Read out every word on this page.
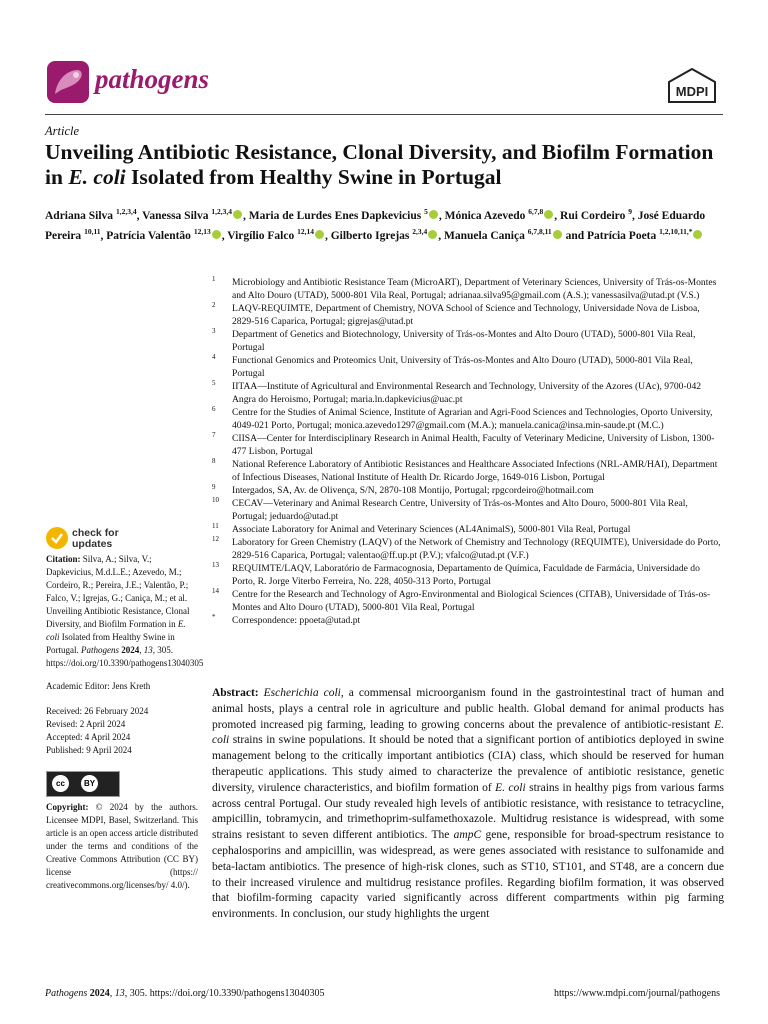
pathogens	MDPI
Article
Unveiling Antibiotic Resistance, Clonal Diversity, and Biofilm Formation in E. coli Isolated from Healthy Swine in Portugal
Adriana Silva $^{1,2,3,4}$, Vanessa Silva $^{1,2,3,4}$ , Maria de Lurdes Enes Dapkevicius $^5$ , Mónica Azevedo $^{6,7,8}$ , Rui Cordeiro $^9$, José Eduardo Pereira $^{10,11}$, Patrícia Valentão $^{12,13}$ , Virgílio Falco $^{12,14}$ , Gilberto Igrejas $^{2,3,4}$ , Manuela Caniça $^{6,7,8,11}$ and Patrícia Poeta $^{1,2,10,11,*}$
1 Microbiology and Antibiotic Resistance Team (MicroART), Department of Veterinary Sciences, University of Trás-os-Montes and Alto Douro (UTAD), 5000-801 Vila Real, Portugal; adrianaa.silva95@gmail.com (A.S.); vanessasilva@utad.pt (V.S.)
2 LAQV-REQUIMTE, Department of Chemistry, NOVA School of Science and Technology, Universidade Nova de Lisboa, 2829-516 Caparica, Portugal; gigrejas@utad.pt
3 Department of Genetics and Biotechnology, University of Trás-os-Montes and Alto Douro (UTAD), 5000-801 Vila Real, Portugal
4 Functional Genomics and Proteomics Unit, University of Trás-os-Montes and Alto Douro (UTAD), 5000-801 Vila Real, Portugal
5 IITAA—Institute of Agricultural and Environmental Research and Technology, University of the Azores (UAc), 9700-042 Angra do Heroismo, Portugal; maria.ln.dapkevicius@uac.pt
6 Centre for the Studies of Animal Science, Institute of Agrarian and Agri-Food Sciences and Technologies, Oporto University, 4049-021 Porto, Portugal; monica.azevedo1297@gmail.com (M.A.); manuela.canica@insa.min-saude.pt (M.C.)
7 CIISA—Center for Interdisciplinary Research in Animal Health, Faculty of Veterinary Medicine, University of Lisbon, 1300-477 Lisbon, Portugal
8 National Reference Laboratory of Antibiotic Resistances and Healthcare Associated Infections (NRL-AMR/HAI), Department of Infectious Diseases, National Institute of Health Dr. Ricardo Jorge, 1649-016 Lisbon, Portugal
9 Intergados, SA, Av. de Olivença, S/N, 2870-108 Montijo, Portugal; rpgcordeiro@hotmail.com
10 CECAV—Veterinary and Animal Research Centre, University of Trás-os-Montes and Alto Douro, 5000-801 Vila Real, Portugal; jeduardo@utad.pt
11 Associate Laboratory for Animal and Veterinary Sciences (AL4AnimalS), 5000-801 Vila Real, Portugal
12 Laboratory for Green Chemistry (LAQV) of the Network of Chemistry and Technology (REQUIMTE), Universidade do Porto, 2829-516 Caparica, Portugal; valentao@ff.up.pt (P.V.); vfalco@utad.pt (V.F.)
13 REQUIMTE/LAQV, Laboratório de Farmacognosia, Departamento de Química, Faculdade de Farmácia, Universidade do Porto, R. Jorge Viterbo Ferreira, No. 228, 4050-313 Porto, Portugal
14 Centre for the Research and Technology of Agro-Environmental and Biological Sciences (CITAB), Universidade of Trás-os-Montes and Alto Douro (UTAD), 5000-801 Vila Real, Portugal
* Correspondence: ppoeta@utad.pt
check for
updates

Citation: Silva, A.; Silva, V.; Dapkevicius, M.d.L.E.; Azevedo, M.; Cordeiro, R.; Pereira, J.E.; Valentão, P.; Falco, V.; Igrejas, G.; Caniça, M.; et al. Unveiling Antibiotic Resistance, Clonal Diversity, and Biofilm Formation in E. coli Isolated from Healthy Swine in Portugal. Pathogens 2024, 13, 305. https://doi.org/10.3390/pathogens13040305

Academic Editor: Jens Kreth

Received: 26 February 2024

Revised: 2 April 2024

Accepted: 4 April 2024

Published: 9 April 2024

cc	BY

Copyright: © 2024 by the authors. Licensee MDPI, Basel, Switzerland. This article is an open access article distributed under the terms and conditions of the Creative Commons Attribution (CC BY) license (https:// creativecommons.org/licenses/by/ 4.0/).

Abstract: Escherichia coli, a commensal microorganism found in the gastrointestinal tract of human and animal hosts, plays a central role in agriculture and public health. Global demand for animal products has promoted increased pig farming, leading to growing concerns about the prevalence of antibiotic-resistant E. coli strains in swine populations. It should be noted that a significant portion of antibiotics deployed in swine management belong to the critically important antibiotics (CIA) class, which should be reserved for human therapeutic applications. This study aimed to characterize the prevalence of antibiotic resistance, genetic diversity, virulence characteristics, and biofilm formation of E. coli strains in healthy pigs from various farms across central Portugal. Our study revealed high levels of antibiotic resistance, with resistance to tetracycline, ampicillin, tobramycin, and trimethoprim-sulfamethoxazole. Multidrug resistance is widespread, with some strains resistant to seven different antibiotics. The ampC gene, responsible for broad-spectrum resistance to cephalosporins and ampicillin, was widespread, as were genes associated with resistance to sulfonamide and beta-lactam antibiotics. The presence of high-risk clones, such as ST10, ST101, and ST48, are a concern due to their increased virulence and multidrug resistance profiles. Regarding biofilm formation, it was observed that biofilm-forming capacity varied significantly across different compartments within pig farming environments. In conclusion, our study highlights the urgent
Pathogens 2024, 13, 305. https://doi.org/10.3390/pathogens13040305	https://www.mdpi.com/journal/pathogens
